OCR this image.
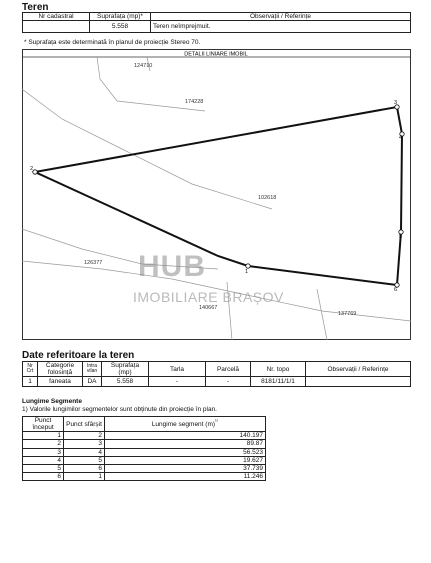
Teren
Nr cadastral	Suprafața (mp)*	Observații / Referințe
	5.558	Teren neîmprejmuit.
* Suprafața este determinată în planul de proiecție Stereo 70.
DETALII LINIARE IMOBIL
2
3
4
5
6
1
124710
174228
102618
126377
140667
137769
HUB
IMOBILIARE BRAȘOV
Date referitoare la teren
Nr Crt	Categorie folosință	Intra vilan	Suprafața (mp)	Tarla	Parcelă	Nr. topo	Observații / Referințe
1	faneata	DA	5.558	-	-	8181/11/1/1	
Lungime Segmente
1) Valorile lungimilor segmentelor sunt obținute din proiecție în plan.
Punct început	Punct sfârșit	Lungime segment $(m)^{^{1)}}$
1	2	140.197
2	3	89.87
3	4	56.523
4	5	19.627
5	6	37.739
6	1	11.246
